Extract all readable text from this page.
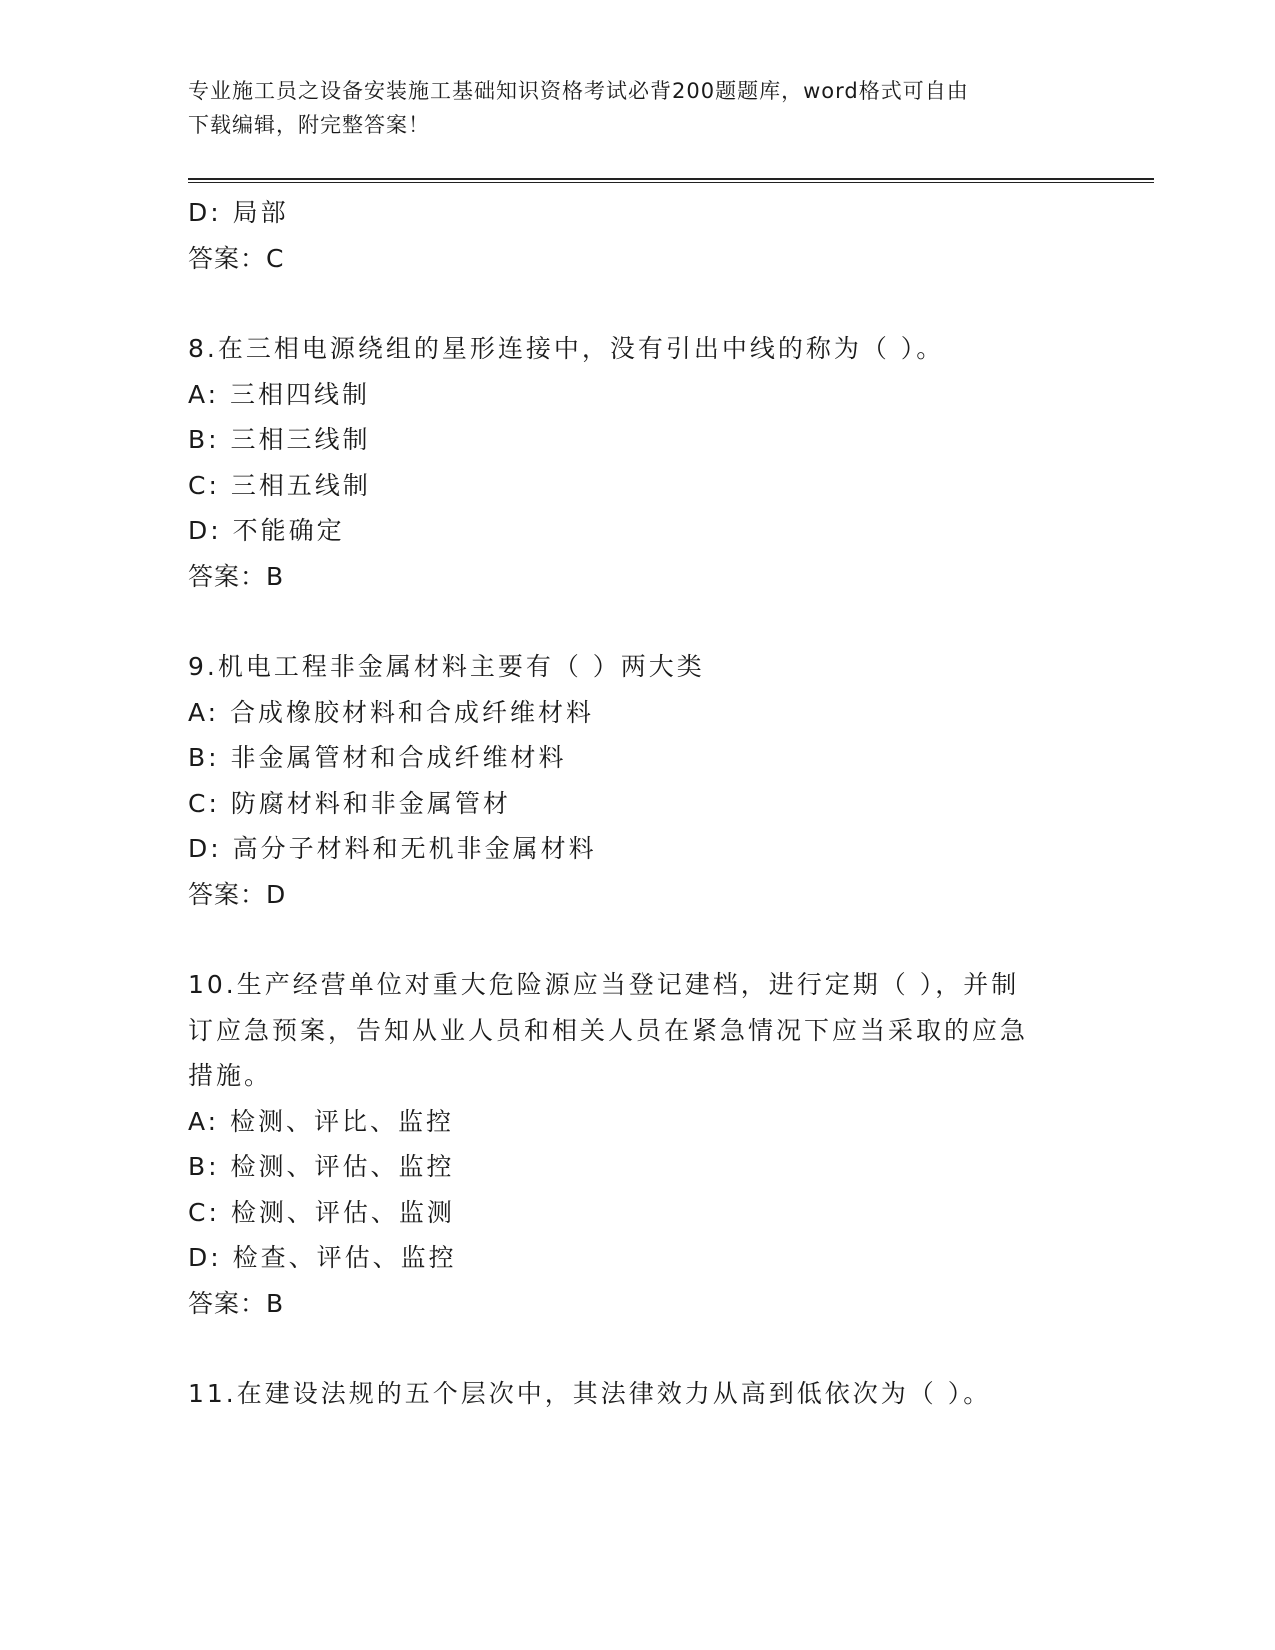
专业施工员之设备安装施工基础知识资格考试必背200题题库，word格式可自由
下载编辑，附完整答案！
D: 局部
答案：C
8.在三相电源绕组的星形连接中，没有引出中线的称为（ ）。
A: 三相四线制
B: 三相三线制
C: 三相五线制
D: 不能确定
答案：B
9.机电工程非金属材料主要有（ ）两大类
A: 合成橡胶材料和合成纤维材料
B: 非金属管材和合成纤维材料
C: 防腐材料和非金属管材
D: 高分子材料和无机非金属材料
答案：D
10.生产经营单位对重大危险源应当登记建档，进行定期（ ），并制
订应急预案，告知从业人员和相关人员在紧急情况下应当采取的应急
措施。
A: 检测、评比、监控
B: 检测、评估、监控
C: 检测、评估、监测
D: 检查、评估、监控
答案：B
11.在建设法规的五个层次中，其法律效力从高到低依次为（ ）。
